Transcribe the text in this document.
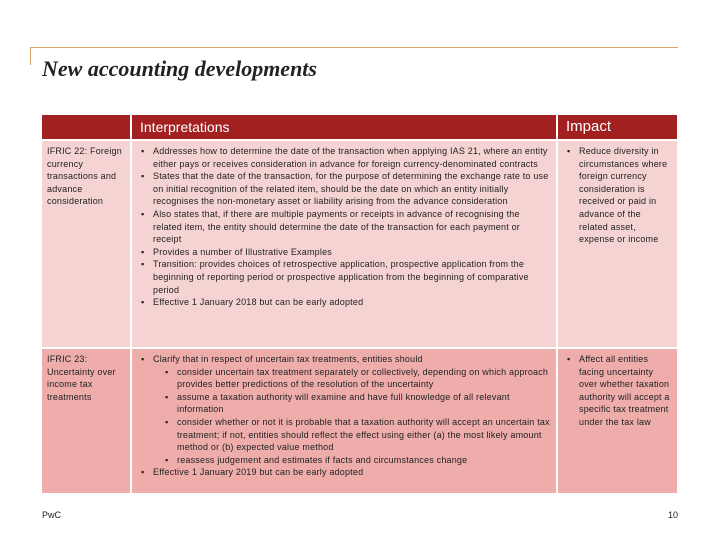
New accounting developments
Interpretations	Impact
IFRIC 22: Foreign currency transactions and advance consideration
▪ Addresses how to determine the date of the transaction when applying IAS 21, where an entity either pays or receives consideration in advance for foreign currency-denominated contracts
▪ States that the date of the transaction, for the purpose of determining the exchange rate to use on initial recognition of the related item, should be the date on which an entity initially recognises the non-monetary asset or liability arising from the advance consideration
▪ Also states that, if there are multiple payments or receipts in advance of recognising the related item, the entity should determine the date of the transaction for each payment or receipt
▪ Provides a number of Illustrative Examples
▪ Transition: provides choices of retrospective application, prospective application from the beginning of reporting period or prospective application from the beginning of comparative period
▪ Effective 1 January 2018 but can be early adopted
▪ Reduce diversity in circumstances where foreign currency consideration is received or paid in advance of the related asset, expense or income
IFRIC 23: Uncertainty over income tax treatments
▪ Clarify that in respect of uncertain tax treatments, entities should
▪ consider uncertain tax treatment separately or collectively, depending on which approach provides better predictions of the resolution of the uncertainty
▪ assume a taxation authority will examine and have full knowledge of all relevant information
▪ consider whether or not it is probable that a taxation authority will accept an uncertain tax treatment; if not, entities should reflect the effect using either (a) the most likely amount method or (b) expected value method
▪ reassess judgement and estimates if facts and circumstances change
▪ Effective 1 January 2019 but can be early adopted
▪ Affect all entities facing uncertainty over whether taxation authority will accept a specific tax treatment under the tax law
PwC	10
